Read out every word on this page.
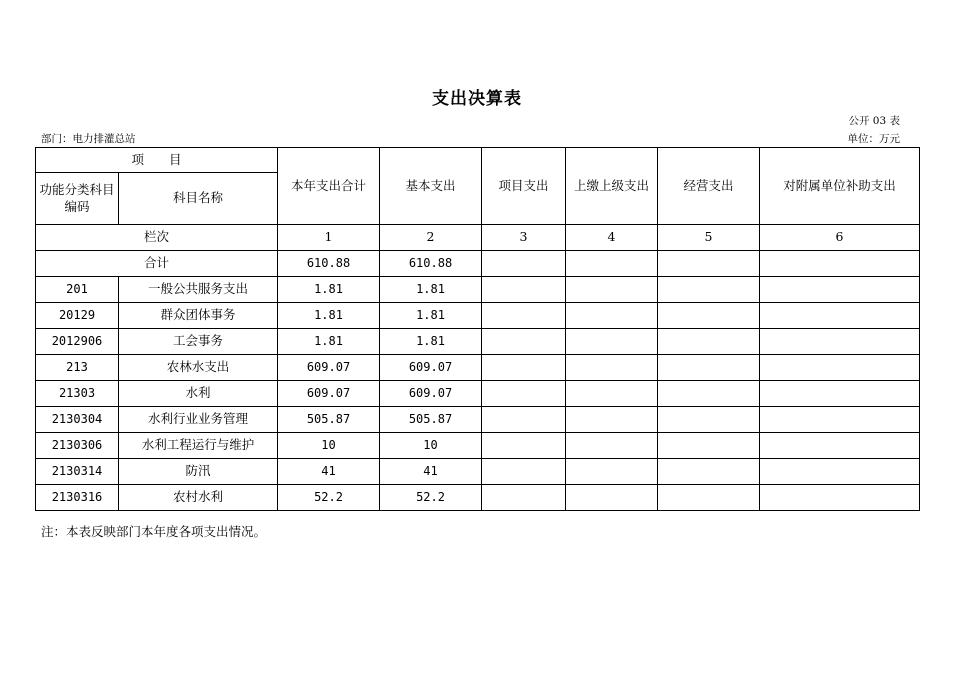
支出决算表
公开 03 表
部门：电力排灌总站	单位：万元
项　　目		本年支出合计	基本支出	项目支出	上缴上级支出	经营支出	对附属单位补助支出
功能分类科目编码	科目名称						
栏次		1	2	3	4	5	6
合计		610.88	610.88				
201	一般公共服务支出	1.81	1.81				
20129	群众团体事务	1.81	1.81				
2012906	工会事务	1.81	1.81				
213	农林水支出	609.07	609.07				
21303	水利	609.07	609.07				
2130304	水利行业业务管理	505.87	505.87				
2130306	水利工程运行与维护	10	10				
2130314	防汛	41	41				
2130316	农村水利	52.2	52.2				
注：本表反映部门本年度各项支出情况。
